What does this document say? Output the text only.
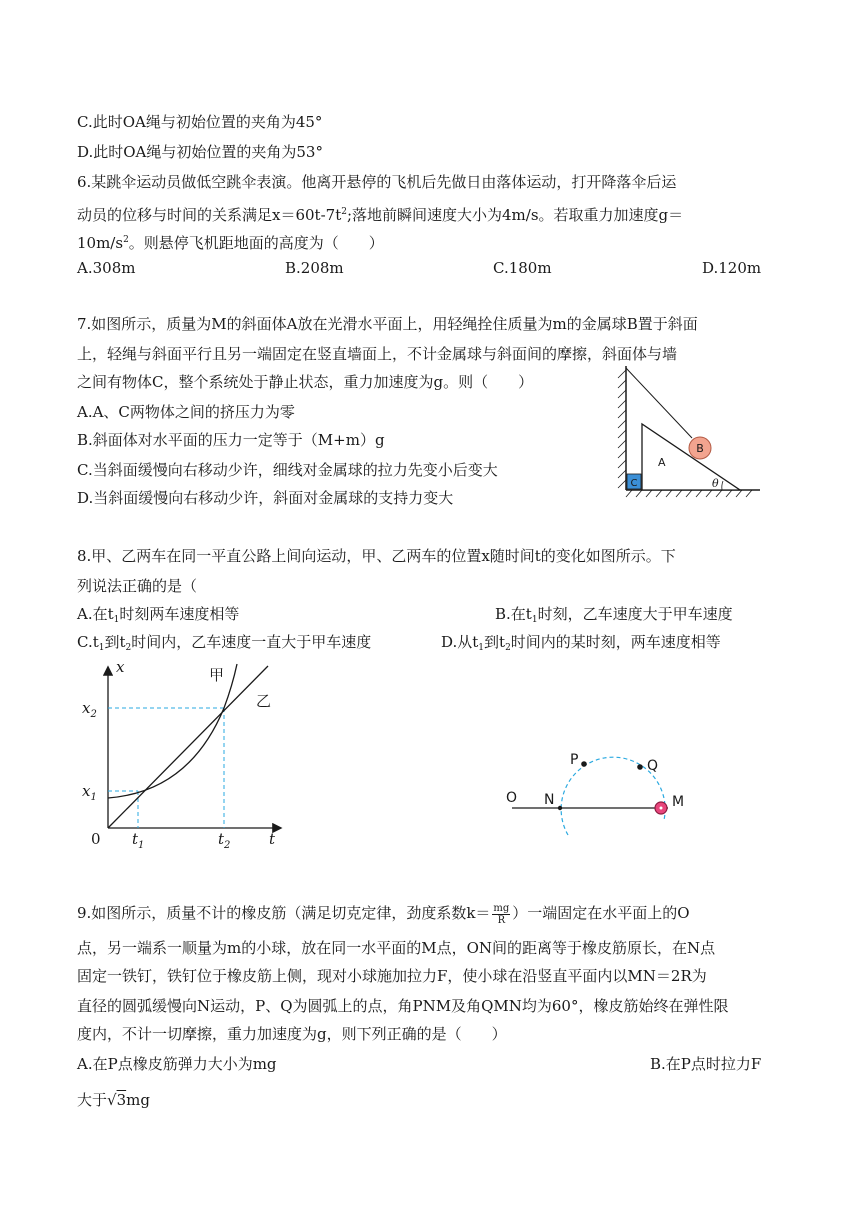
C.此时OA绳与初始位置的夹角为45°
D.此时OA绳与初始位置的夹角为53°
6.某跳伞运动员做低空跳伞表演。他离开悬停的飞机后先做日由落体运动，打开降落伞后运
动员的位移与时间的关系满足$x=60t-7t^2$;落地前瞬间速度大小为4m/s。若取重力加速度g＝
$10m/s^2$。则悬停飞机距地面的高度为（　　）
A.308m	B.208m	C.180m	D.120m
7.如图所示，质量为M的斜面体A放在光滑水平面上，用轻绳拴住质量为m的金属球B置于斜面
上，轻绳与斜面平行且另一端固定在竖直墙面上，不计金属球与斜面间的摩擦，斜面体与墙
之间有物体C，整个系统处于静止状态，重力加速度为g。则（　　）
A.A、C两物体之间的挤压力为零
B.斜面体对水平面的压力一定等于（M+m）g
C.当斜面缓慢向右移动少许，细线对金属球的拉力先变小后变大
D.当斜面缓慢向右移动少许，斜面对金属球的支持力变大
C
B
A
θ
8.甲、乙两车在同一平直公路上间向运动，甲、乙两车的位置x随时间t的变化如图所示。下
列说法正确的是（
A.在$t_1$时刻两车速度相等	B.在$t_1$时刻，乙车速度大于甲车速度
$C.t_1$到$t_2$时间内，乙车速度一直大于甲车速度	D.从$t_1$到$t_2$时间内的某时刻，两车速度相等
x
t
0
甲
乙
$x_2$
$x_1$
$t_1$	$t_2$
O N
P	Q
M
9.如图所示，质量不计的橡皮筋（满足切克定律，劲度系数$k= \frac{mg}{R}$ ）一端固定在水平面上的O
点，另一端系一顺量为m的小球，放在同一水平面的M点，ON间的距离等于橡皮筋原长，在N点
固定一铁钉，铁钉位于橡皮筋上侧，现对小球施加拉力F，使小球在沿竖直平面内以MN＝2R为
直径的圆弧缓慢向N运动，P、Q为圆弧上的点，角PNM及角QMN均为60°，橡皮筋始终在弹性限
度内，不计一切摩擦，重力加速度为g，则下列正确的是（　　）
A.在P点橡皮筋弹力大小为mg	B.在P点时拉力F
大于√3mg
